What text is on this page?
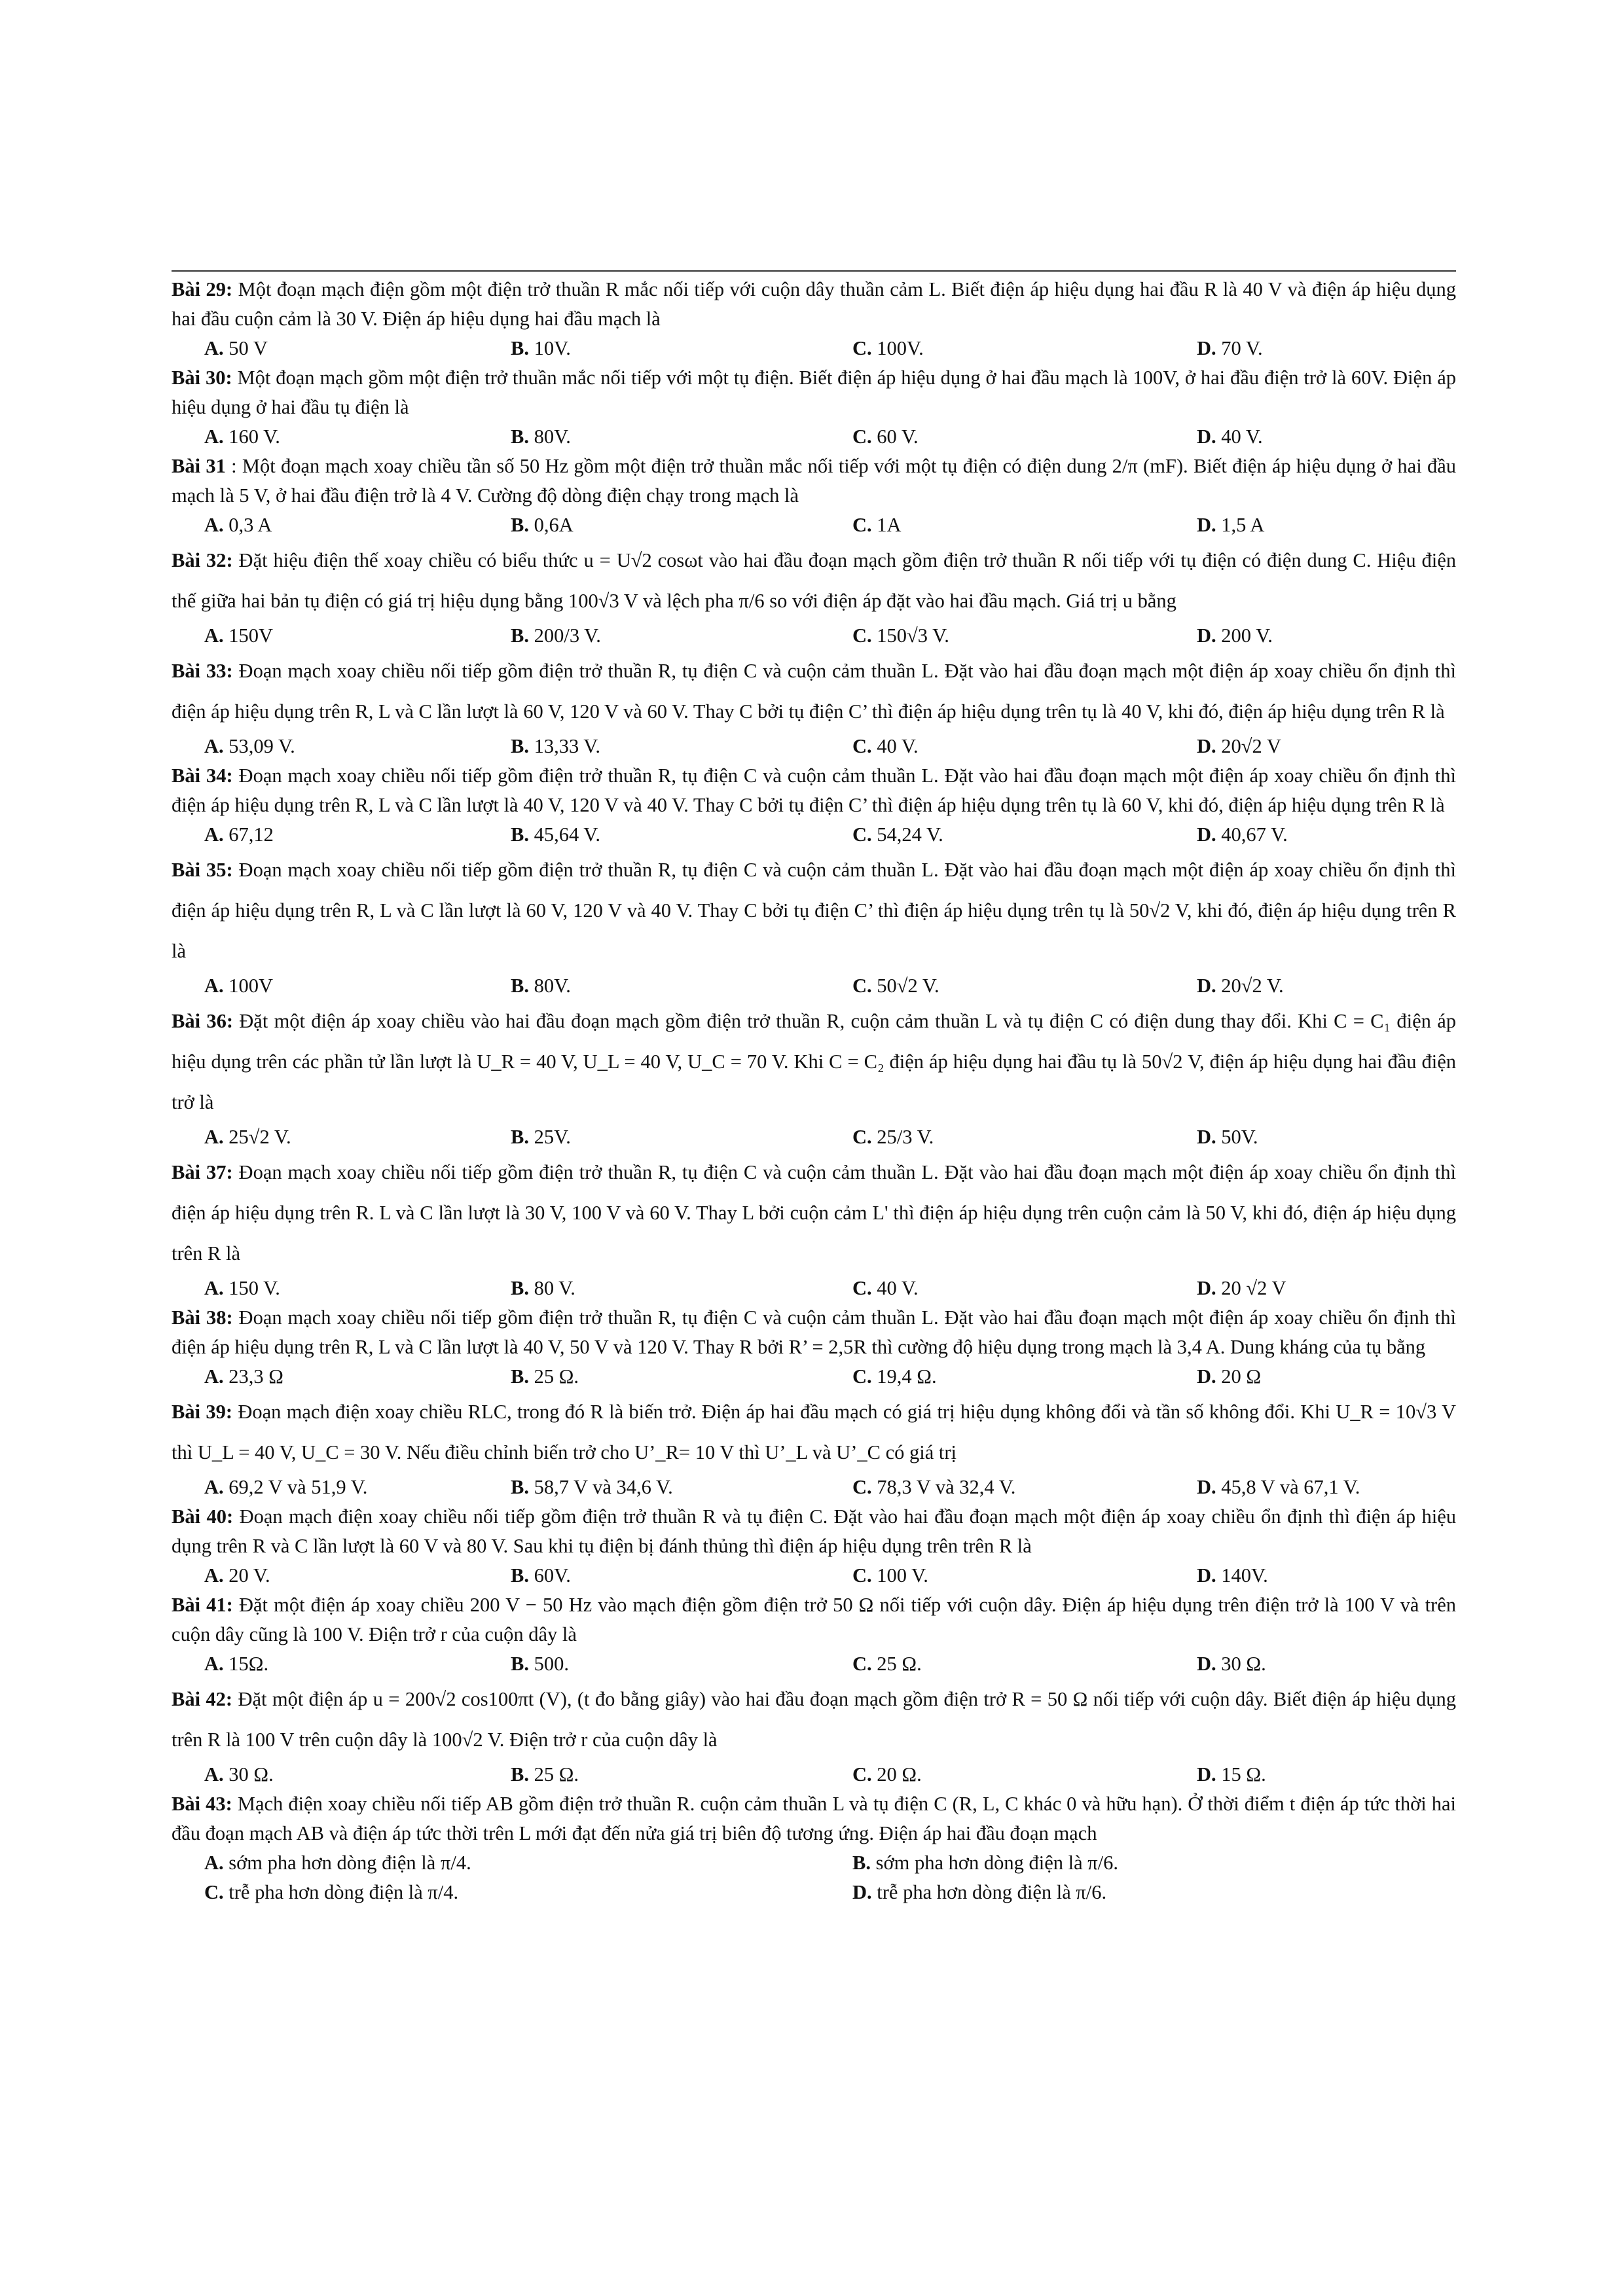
Bài 29: Một đoạn mạch điện gồm một điện trở thuần R mắc nối tiếp với cuộn dây thuần cảm L. Biết điện áp hiệu dụng hai đầu R là 40 V và điện áp hiệu dụng hai đầu cuộn cảm là 30 V. Điện áp hiệu dụng hai đầu mạch là

A. 50 V	B. 10V.	C. 100V.	D. 70 V.

Bài 30: Một đoạn mạch gồm một điện trở thuần mắc nối tiếp với một tụ điện. Biết điện áp hiệu dụng ở hai đầu mạch là 100V, ở hai đầu điện trở là 60V. Điện áp hiệu dụng ở hai đầu tụ điện là

A. 160 V.	B. 80V.	C. 60 V.	D. 40 V.

Bài 31 : Một đoạn mạch xoay chiều tần số 50 Hz gồm một điện trở thuần mắc nối tiếp với một tụ điện có điện dung 2/π (mF). Biết điện áp hiệu dụng ở hai đầu mạch là 5 V, ở hai đầu điện trở là 4 V. Cường độ dòng điện chạy trong mạch là

A. 0,3 A	B. 0,6A	C. 1A	D. 1,5 A

Bài 32: Đặt hiệu điện thế xoay chiều có biểu thức u = U√2 cosωt vào hai đầu đoạn mạch gồm điện trở thuần R nối tiếp với tụ điện có điện dung C. Hiệu điện thế giữa hai bản tụ điện có giá trị hiệu dụng bằng 100√3 V và lệch pha π/6 so với điện áp đặt vào hai đầu mạch. Giá trị u bằng

A. 150V	B. 200/3 V.	C. 150√3 V.	D. 200 V.

Bài 33: Đoạn mạch xoay chiều nối tiếp gồm điện trở thuần R, tụ điện C và cuộn cảm thuần L. Đặt vào hai đầu đoạn mạch một điện áp xoay chiều ổn định thì điện áp hiệu dụng trên R, L và C lần lượt là 60 V, 120 V và 60 V. Thay C bởi tụ điện C’ thì điện áp hiệu dụng trên tụ là 40 V, khi đó, điện áp hiệu dụng trên R là

A. 53,09 V.	B. 13,33 V.	C. 40 V.	D. 20√2 V

Bài 34: Đoạn mạch xoay chiều nối tiếp gồm điện trở thuần R, tụ điện C và cuộn cảm thuần L. Đặt vào hai đầu đoạn mạch một điện áp xoay chiều ổn định thì điện áp hiệu dụng trên R, L và C lần lượt là 40 V, 120 V và 40 V. Thay C bởi tụ điện C’ thì điện áp hiệu dụng trên tụ là 60 V, khi đó, điện áp hiệu dụng trên R là

A. 67,12	B. 45,64 V.	C. 54,24 V.	D. 40,67 V.

Bài 35: Đoạn mạch xoay chiều nối tiếp gồm điện trở thuần R, tụ điện C và cuộn cảm thuần L. Đặt vào hai đầu đoạn mạch một điện áp xoay chiều ổn định thì điện áp hiệu dụng trên R, L và C lần lượt là 60 V, 120 V và 40 V. Thay C bởi tụ điện C’ thì điện áp hiệu dụng trên tụ là 50√2 V, khi đó, điện áp hiệu dụng trên R là

A. 100V	B. 80V.	C. 50√2 V.	D. 20√2 V.

Bài 36: Đặt một điện áp xoay chiều vào hai đầu đoạn mạch gồm điện trở thuần R, cuộn cảm thuần L và tụ điện C có điện dung thay đổi. Khi C = C₁ điện áp hiệu dụng trên các phần tử lần lượt là U_R = 40 V, U_L = 40 V, U_C = 70 V. Khi C = C₂ điện áp hiệu dụng hai đầu tụ là 50√2 V, điện áp hiệu dụng hai đầu điện trở là

A. 25√2 V.	B. 25V.	C. 25/3 V.	D. 50V.

Bài 37: Đoạn mạch xoay chiều nối tiếp gồm điện trở thuần R, tụ điện C và cuộn cảm thuần L. Đặt vào hai đầu đoạn mạch một điện áp xoay chiều ổn định thì điện áp hiệu dụng trên R. L và C lần lượt là 30 V, 100 V và 60 V. Thay L bởi cuộn cảm L' thì điện áp hiệu dụng trên cuộn cảm là 50 V, khi đó, điện áp hiệu dụng trên R là

A. 150 V.	B. 80 V.	C. 40 V.	D. 20 √2 V

Bài 38: Đoạn mạch xoay chiều nối tiếp gồm điện trở thuần R, tụ điện C và cuộn cảm thuần L. Đặt vào hai đầu đoạn mạch một điện áp xoay chiều ổn định thì điện áp hiệu dụng trên R, L và C lần lượt là 40 V, 50 V và 120 V. Thay R bởi R’ = 2,5R thì cường độ hiệu dụng trong mạch là 3,4 A. Dung kháng của tụ bằng

A. 23,3 Ω	B. 25 Ω.	C. 19,4 Ω.	D. 20 Ω

Bài 39: Đoạn mạch điện xoay chiều RLC, trong đó R là biến trở. Điện áp hai đầu mạch có giá trị hiệu dụng không đổi và tần số không đổi. Khi U_R = 10√3 V thì U_L = 40 V, U_C = 30 V. Nếu điều chỉnh biến trở cho U’_R= 10 V thì U’_L và U’_C có giá trị

A. 69,2 V và 51,9 V.	B. 58,7 V và 34,6 V.	C. 78,3 V và 32,4 V.	D. 45,8 V và 67,1 V.

Bài 40: Đoạn mạch điện xoay chiều nối tiếp gồm điện trở thuần R và tụ điện C. Đặt vào hai đầu đoạn mạch một điện áp xoay chiều ổn định thì điện áp hiệu dụng trên R và C lần lượt là 60 V và 80 V. Sau khi tụ điện bị đánh thủng thì điện áp hiệu dụng trên trên R là

A. 20 V.	B. 60V.	C. 100 V.	D. 140V.

Bài 41: Đặt một điện áp xoay chiều 200 V − 50 Hz vào mạch điện gồm điện trở 50 Ω nối tiếp với cuộn dây. Điện áp hiệu dụng trên điện trở là 100 V và trên cuộn dây cũng là 100 V. Điện trở r của cuộn dây là

A. 15Ω.	B. 500.	C. 25 Ω.	D. 30 Ω.

Bài 42: Đặt một điện áp u = 200√2 cos100πt (V), (t đo bằng giây) vào hai đầu đoạn mạch gồm điện trở R = 50 Ω nối tiếp với cuộn dây. Biết điện áp hiệu dụng trên R là 100 V trên cuộn dây là 100√2 V. Điện trở r của cuộn dây là

A. 30 Ω.	B. 25 Ω.	C. 20 Ω.	D. 15 Ω.

Bài 43: Mạch điện xoay chiều nối tiếp AB gồm điện trở thuần R. cuộn cảm thuần L và tụ điện C (R, L, C khác 0 và hữu hạn). Ở thời điểm t điện áp tức thời hai đầu đoạn mạch AB và điện áp tức thời trên L mới đạt đến nửa giá trị biên độ tương ứng. Điện áp hai đầu đoạn mạch

A. sớm pha hơn dòng điện là π/4.	B. sớm pha hơn dòng điện là π/6.
C. trễ pha hơn dòng điện là π/4.	D. trễ pha hơn dòng điện là π/6.
